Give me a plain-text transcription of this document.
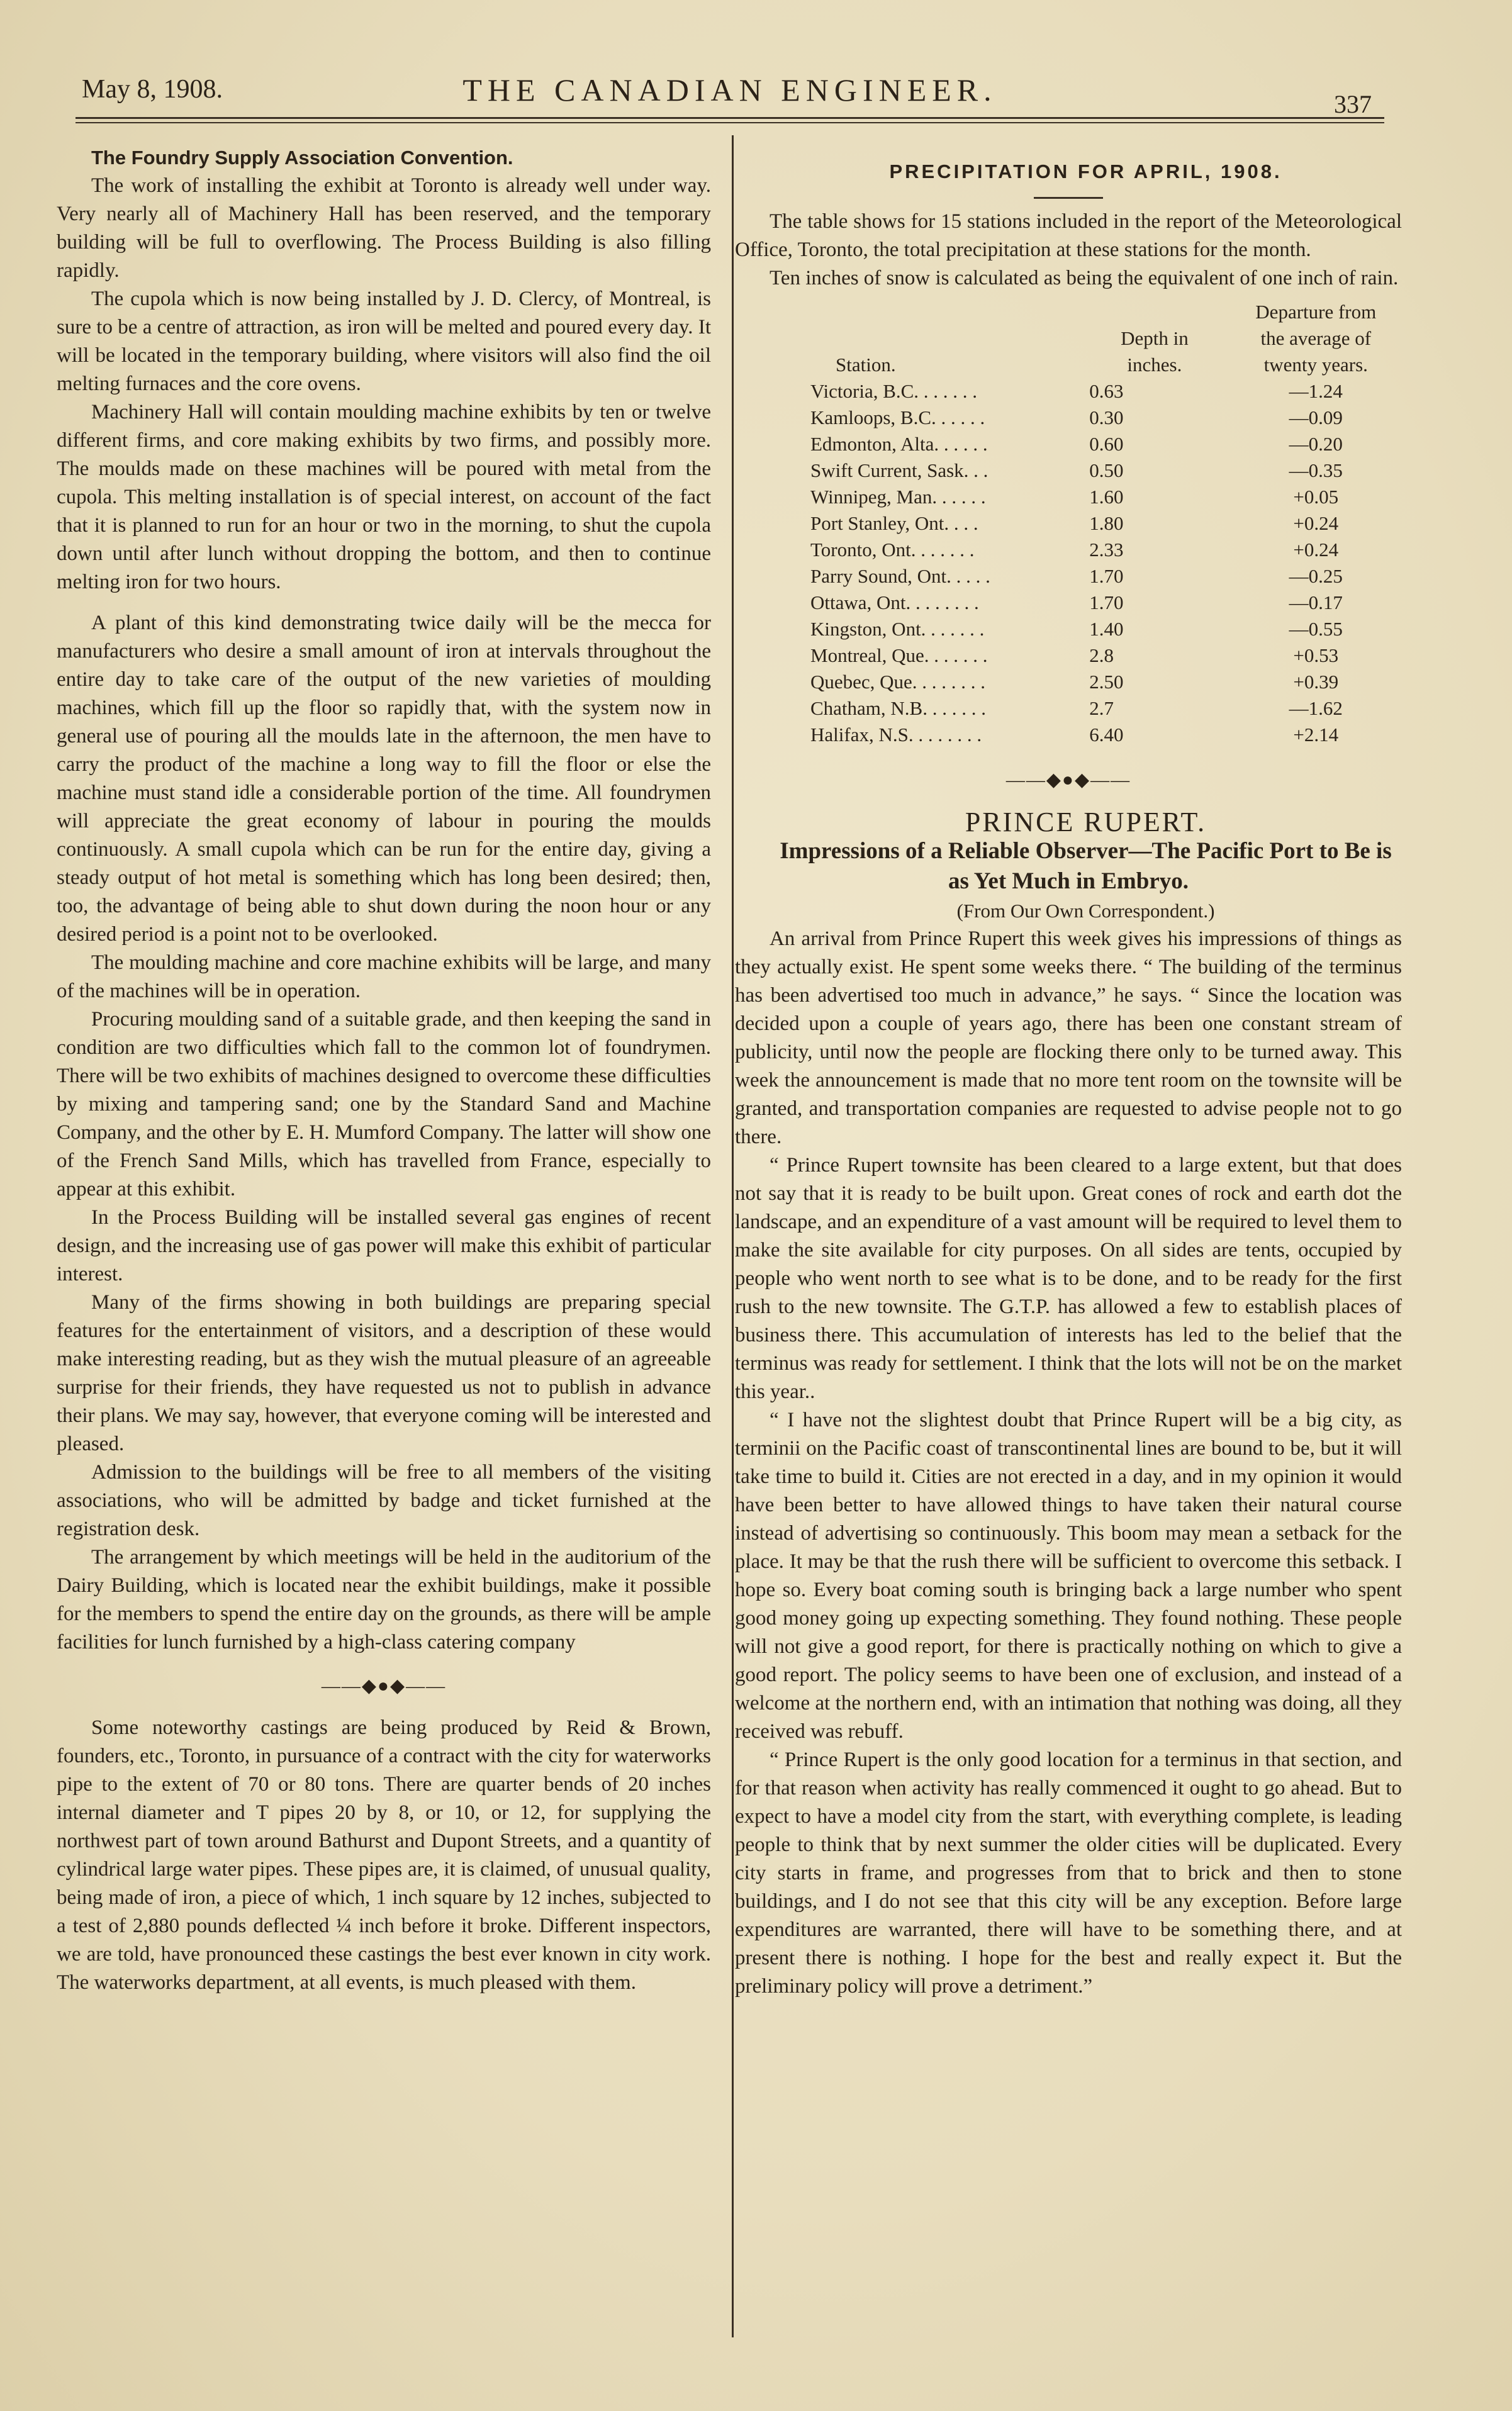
May 8, 1908.	THE CANADIAN ENGINEER.	337

The Foundry Supply Association Convention.

The work of installing the exhibit at Toronto is already well under way. Very nearly all of Machinery Hall has been reserved, and the temporary building will be full to overflowing. The Process Building is also filling rapidly.

The cupola which is now being installed by J. D. Clercy, of Montreal, is sure to be a centre of attraction, as iron will be melted and poured every day. It will be located in the temporary building, where visitors will also find the oil melting furnaces and the core ovens.

Machinery Hall will contain moulding machine exhibits by ten or twelve different firms, and core making exhibits by two firms, and possibly more. The moulds made on these machines will be poured with metal from the cupola. This melting installation is of special interest, on account of the fact that it is planned to run for an hour or two in the morning, to shut the cupola down until after lunch without dropping the bottom, and then to continue melting iron for two hours.

A plant of this kind demonstrating twice daily will be the mecca for manufacturers who desire a small amount of iron at intervals throughout the entire day to take care of the output of the new varieties of moulding machines, which fill up the floor so rapidly that, with the system now in general use of pouring all the moulds late in the afternoon, the men have to carry the product of the machine a long way to fill the floor or else the machine must stand idle a considerable portion of the time. All foundrymen will appreciate the great economy of labour in pouring the moulds continuously. A small cupola which can be run for the entire day, giving a steady output of hot metal is something which has long been desired; then, too, the advantage of being able to shut down during the noon hour or any desired period is a point not to be overlooked.

The moulding machine and core machine exhibits will be large, and many of the machines will be in operation.

Procuring moulding sand of a suitable grade, and then keeping the sand in condition are two difficulties which fall to the common lot of foundrymen. There will be two exhibits of machines designed to overcome these difficulties by mixing and tampering sand; one by the Standard Sand and Machine Company, and the other by E. H. Mumford Company. The latter will show one of the French Sand Mills, which has travelled from France, especially to appear at this exhibit.

In the Process Building will be installed several gas engines of recent design, and the increasing use of gas power will make this exhibit of particular interest.

Many of the firms showing in both buildings are preparing special features for the entertainment of visitors, and a description of these would make interesting reading, but as they wish the mutual pleasure of an agreeable surprise for their friends, they have requested us not to publish in advance their plans. We may say, however, that everyone coming will be interested and pleased.

Admission to the buildings will be free to all members of the visiting associations, who will be admitted by badge and ticket furnished at the registration desk.

The arrangement by which meetings will be held in the auditorium of the Dairy Building, which is located near the exhibit buildings, make it possible for the members to spend the entire day on the grounds, as there will be ample facilities for lunch furnished by a high-class catering company

——◆●◆——

Some noteworthy castings are being produced by Reid & Brown, founders, etc., Toronto, in pursuance of a contract with the city for waterworks pipe to the extent of 70 or 80 tons. There are quarter bends of 20 inches internal diameter and T pipes 20 by 8, or 10, or 12, for supplying the northwest part of town around Bathurst and Dupont Streets, and a quantity of cylindrical large water pipes. These pipes are, it is claimed, of unusual quality, being made of iron, a piece of which, 1 inch square by 12 inches, subjected to a test of 2,880 pounds deflected ¼ inch before it broke. Different inspectors, we are told, have pronounced these castings the best ever known in city work. The waterworks department, at all events, is much pleased with them.

PRECIPITATION FOR APRIL, 1908.

The table shows for 15 stations included in the report of the Meteorological Office, Toronto, the total precipitation at these stations for the month.

Ten inches of snow is calculated as being the equivalent of one inch of rain.

		Departure from
	Depth in	the average of
Station.	inches.	twenty years.
Victoria, B.C. . . . . . .	0.63	—1.24
Kamloops, B.C. . . . . .	0.30	—0.09
Edmonton, Alta. . . . . .	0.60	—0.20
Swift Current, Sask. . .	0.50	—0.35
Winnipeg, Man. . . . . .	1.60	+0.05
Port Stanley, Ont. . . .	1.80	+0.24
Toronto, Ont. . . . . . .	2.33	+0.24
Parry Sound, Ont. . . . .	1.70	—0.25
Ottawa, Ont. . . . . . . .	1.70	—0.17
Kingston, Ont. . . . . . .	1.40	—0.55
Montreal, Que. . . . . . .	2.8	+0.53
Quebec, Que. . . . . . . .	2.50	+0.39
Chatham, N.B. . . . . . .	2.7	—1.62
Halifax, N.S. . . . . . . .	6.40	+2.14
——◆●◆——

PRINCE RUPERT.

Impressions of a Reliable Observer—The Pacific Port to Be is as Yet Much in Embryo.

(From Our Own Correspondent.)

An arrival from Prince Rupert this week gives his impressions of things as they actually exist. He spent some weeks there. “ The building of the terminus has been advertised too much in advance,” he says. “ Since the location was decided upon a couple of years ago, there has been one constant stream of publicity, until now the people are flocking there only to be turned away. This week the announcement is made that no more tent room on the townsite will be granted, and transportation companies are requested to advise people not to go there.

“ Prince Rupert townsite has been cleared to a large extent, but that does not say that it is ready to be built upon. Great cones of rock and earth dot the landscape, and an expenditure of a vast amount will be required to level them to make the site available for city purposes. On all sides are tents, occupied by people who went north to see what is to be done, and to be ready for the first rush to the new townsite. The G.T.P. has allowed a few to establish places of business there. This accumulation of interests has led to the belief that the terminus was ready for settlement. I think that the lots will not be on the market this year..

“ I have not the slightest doubt that Prince Rupert will be a big city, as terminii on the Pacific coast of transcontinental lines are bound to be, but it will take time to build it. Cities are not erected in a day, and in my opinion it would have been better to have allowed things to have taken their natural course instead of advertising so continuously. This boom may mean a setback for the place. It may be that the rush there will be sufficient to overcome this setback. I hope so. Every boat coming south is bringing back a large number who spent good money going up expecting something. They found nothing. These people will not give a good report, for there is practically nothing on which to give a good report. The policy seems to have been one of exclusion, and instead of a welcome at the northern end, with an intimation that nothing was doing, all they received was rebuff.

“ Prince Rupert is the only good location for a terminus in that section, and for that reason when activity has really commenced it ought to go ahead. But to expect to have a model city from the start, with everything complete, is leading people to think that by next summer the older cities will be duplicated. Every city starts in frame, and progresses from that to brick and then to stone buildings, and I do not see that this city will be any exception. Before large expenditures are warranted, there will have to be something there, and at present there is nothing. I hope for the best and really expect it. But the preliminary policy will prove a detriment.”
